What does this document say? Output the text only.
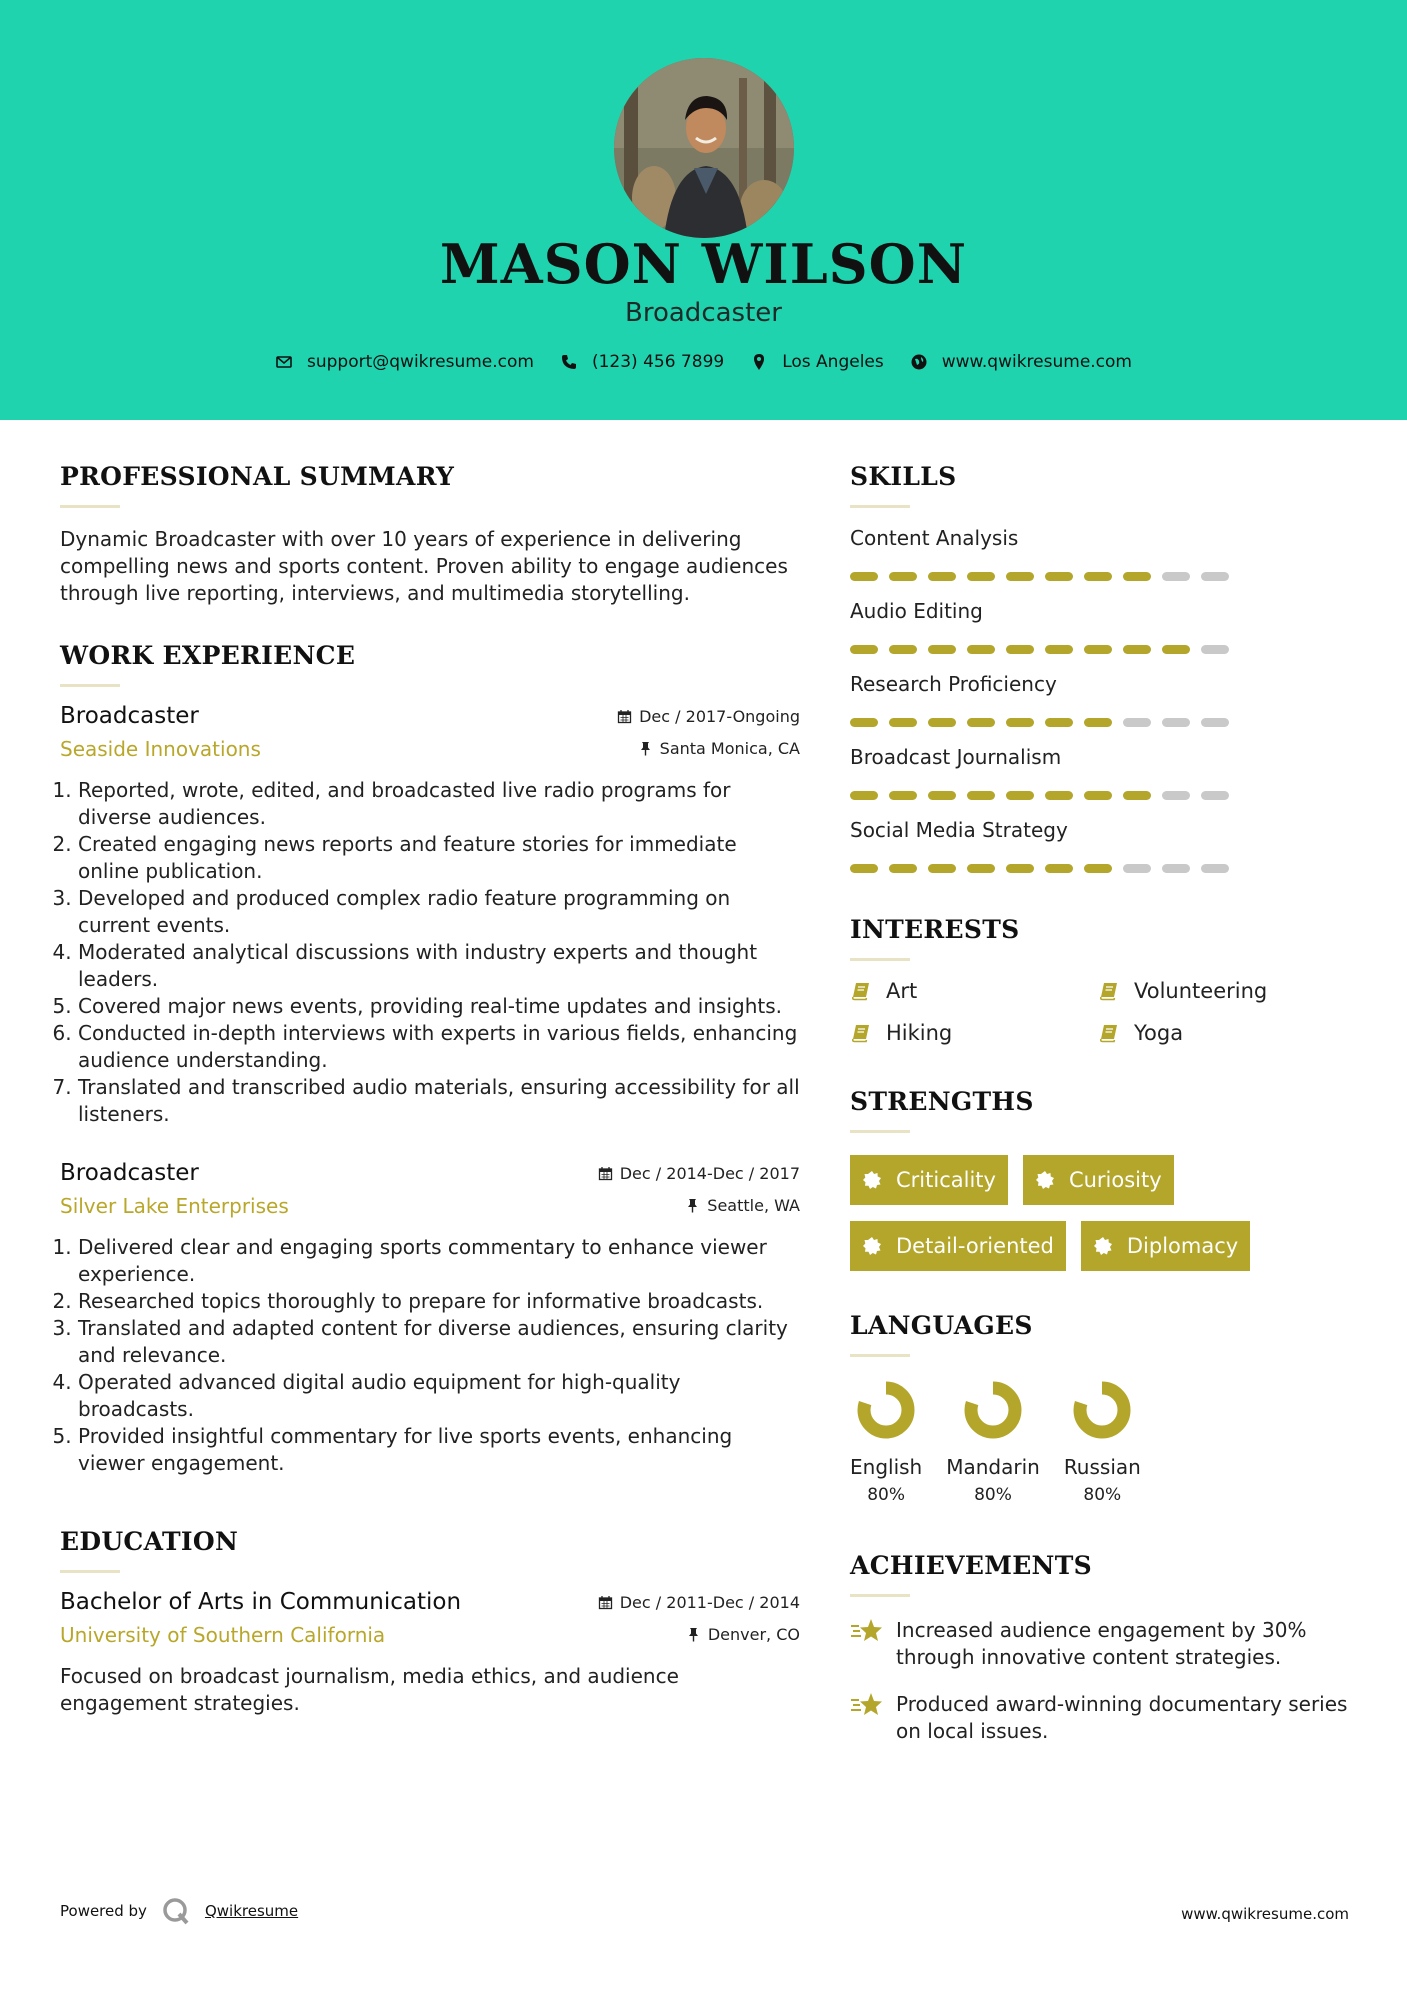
MASON WILSON
Broadcaster
support@qwikresume.com	(123) 456 7899	Los Angeles	www.qwikresume.com
PROFESSIONAL SUMMARY
Dynamic Broadcaster with over 10 years of experience in delivering compelling news and sports content. Proven ability to engage audiences through live reporting, interviews, and multimedia storytelling.
WORK EXPERIENCE
Broadcaster
Seaside Innovations
Dec / 2017-Ongoing
Santa Monica, CA
1. Reported, wrote, edited, and broadcasted live radio programs for diverse audiences.
2. Created engaging news reports and feature stories for immediate online publication.
3. Developed and produced complex radio feature programming on current events.
4. Moderated analytical discussions with industry experts and thought leaders.
5. Covered major news events, providing real-time updates and insights.
6. Conducted in-depth interviews with experts in various fields, enhancing audience understanding.
7. Translated and transcribed audio materials, ensuring accessibility for all listeners.
Broadcaster
Silver Lake Enterprises
Dec / 2014-Dec / 2017
Seattle, WA
1. Delivered clear and engaging sports commentary to enhance viewer experience.
2. Researched topics thoroughly to prepare for informative broadcasts.
3. Translated and adapted content for diverse audiences, ensuring clarity and relevance.
4. Operated advanced digital audio equipment for high-quality broadcasts.
5. Provided insightful commentary for live sports events, enhancing viewer engagement.
EDUCATION
Bachelor of Arts in Communication
University of Southern California
Dec / 2011-Dec / 2014
Denver, CO
Focused on broadcast journalism, media ethics, and audience engagement strategies.
SKILLS
Content Analysis
Audio Editing
Research Proficiency
Broadcast Journalism
Social Media Strategy
INTERESTS
Art	Volunteering
Hiking	Yoga
STRENGTHS
Criticality	Curiosity
Detail-oriented	Diplomacy
LANGUAGES
English
80%
Mandarin
80%
Russian
80%
ACHIEVEMENTS
Increased audience engagement by 30% through innovative content strategies.
Produced award-winning documentary series on local issues.
Powered by	Qwikresume	www.qwikresume.com
